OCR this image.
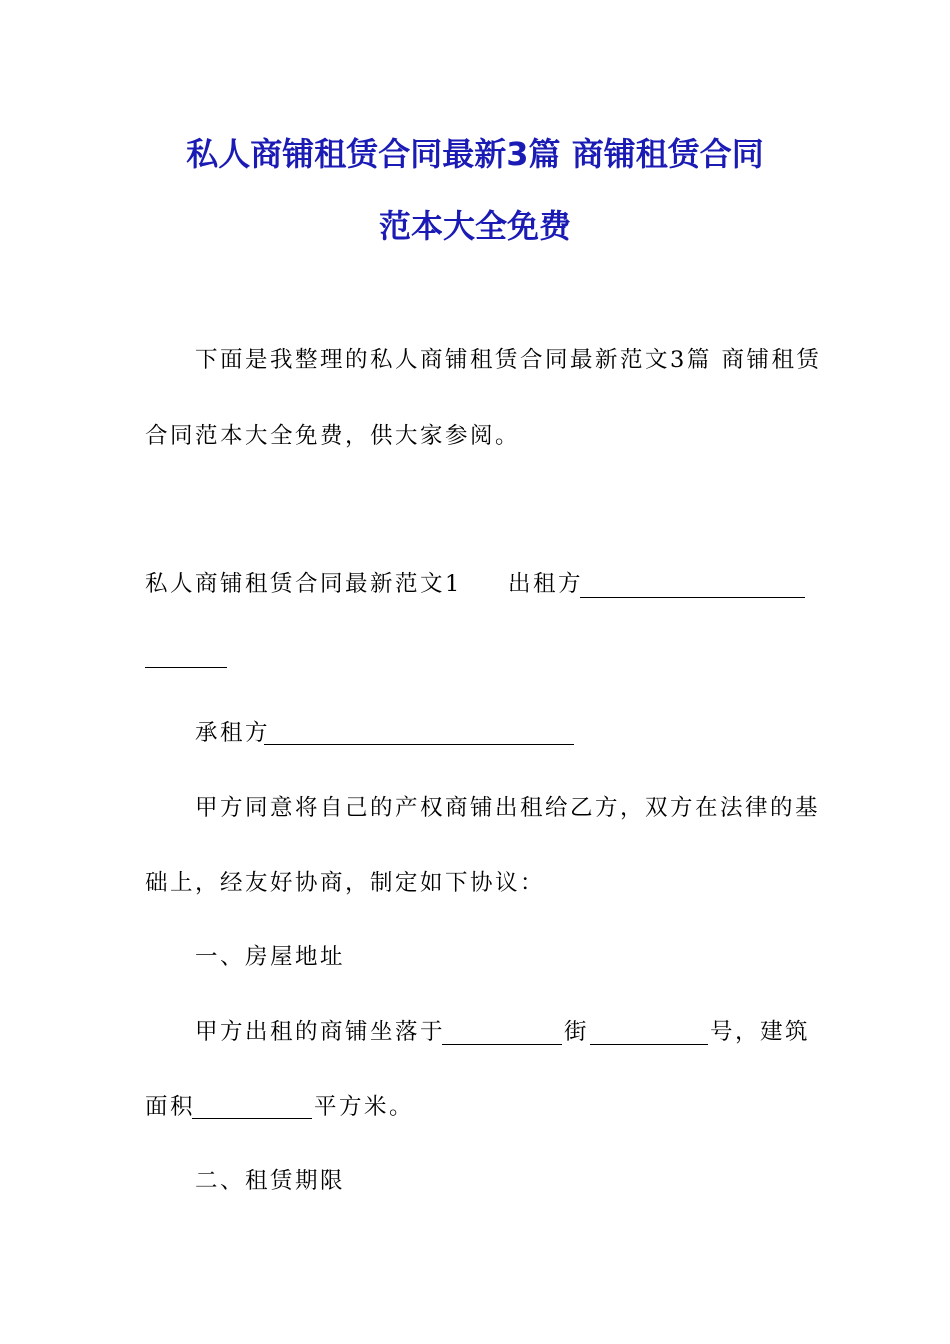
私人商铺租赁合同最新3篇 商铺租赁合同
范本大全免费
下面是我整理的私人商铺租赁合同最新范文3篇 商铺租赁
合同范本大全免费，供大家参阅。
私人商铺租赁合同最新范文1 出租方
承租方
甲方同意将自己的产权商铺出租给乙方，双方在法律的基
础上，经友好协商，制定如下协议：
一、房屋地址
甲方出租的商铺坐落于	街	号，建筑
面积	平方米。
二、租赁期限
